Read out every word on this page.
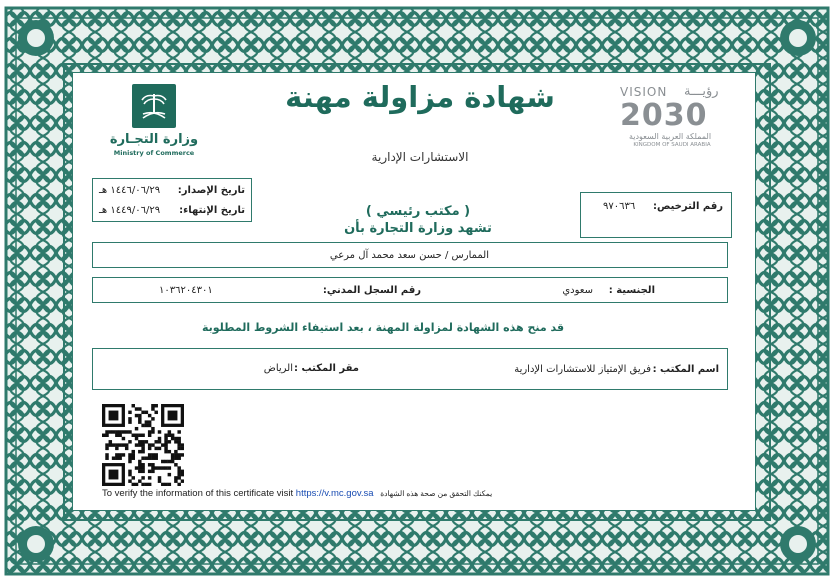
وزارة التجـارة
Ministry of Commerce
شهادة مزاولة مهنة
الاستشارات الإدارية
VISION رؤيـــة
2030
المملكة العربية السعودية
KINGDOM OF SAUDI ARABIA
تاريخ الإصدار:
١٤٤٦/٠٦/٢٩ هـ
تاريخ الإنتهاء:
١٤٤٩/٠٦/٢٩ هـ	رقم الترخيص:
٩٧٠٦٣٦
( مكتب رئيسي )
تشهد وزارة التجارة بأن
الممارس / حسن سعد محمد آل مرعي
الجنسية :
سعودي
رقم السجل المدني:
١٠٣٦٢٠٤٣٠١
قد منح هذه الشهادة لمزاولة المهنة ، بعد استيفاء الشروط المطلوبة
اسم المكتب :
فريق الإمتياز للاستشارات الإدارية
مقر المكتب :
الرياض
To verify the information of this certificate visit https://v.mc.gov.sa يمكنك التحقق من صحة هذه الشهادة
